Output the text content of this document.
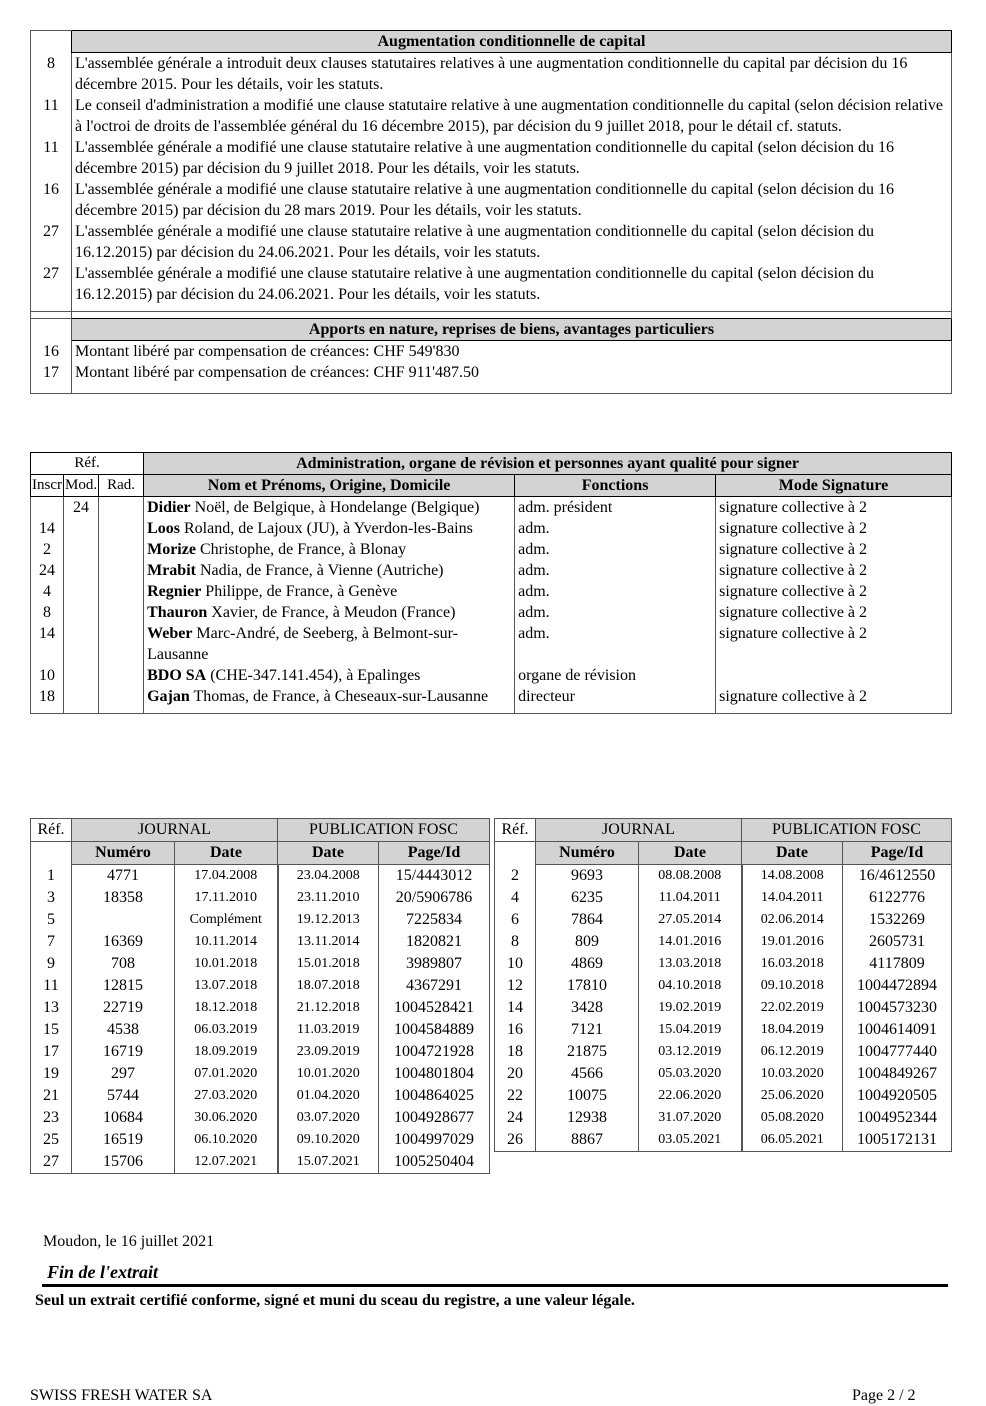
	Augmentation conditionnelle de capital
8	L'assemblée générale a introduit deux clauses statutaires relatives à une augmentation conditionnelle du capital par décision du 16 décembre 2015. Pour les détails, voir les statuts.
11	Le conseil d'administration a modifié une clause statutaire relative à une augmentation conditionnelle du capital (selon décision relative à l'octroi de droits de l'assemblée général du 16 décembre 2015), par décision du 9 juillet 2018, pour le détail cf. statuts.
11	L'assemblée générale a modifié une clause statutaire relative à une augmentation conditionnelle du capital (selon décision du 16 décembre 2015) par décision du 9 juillet 2018. Pour les détails, voir les statuts.
16	L'assemblée générale a modifié une clause statutaire relative à une augmentation conditionnelle du capital (selon décision du 16 décembre 2015) par décision du 28 mars 2019. Pour les détails, voir les statuts.
27	L'assemblée générale a modifié une clause statutaire relative à une augmentation conditionnelle du capital (selon décision du 16.12.2015) par décision du 24.06.2021. Pour les détails, voir les statuts.
27	L'assemblée générale a modifié une clause statutaire relative à une augmentation conditionnelle du capital (selon décision du 16.12.2015) par décision du 24.06.2021. Pour les détails, voir les statuts.

	Apports en nature, reprises de biens, avantages particuliers
16	Montant libéré par compensation de créances: CHF 549'830
17	Montant libéré par compensation de créances: CHF 911'487.50

Réf.			Administration, organe de révision et personnes ayant qualité pour signer		
Inscr	Mod.	Rad.	Nom et Prénoms, Origine, Domicile	Fonctions	Mode Signature
	24		Didier Noël, de Belgique, à Hondelange (Belgique)	adm. président	signature collective à 2
14			Loos Roland, de Lajoux (JU), à Yverdon-les-Bains	adm.	signature collective à 2
2			Morize Christophe, de France, à Blonay	adm.	signature collective à 2
24			Mrabit Nadia, de France, à Vienne (Autriche)	adm.	signature collective à 2
4			Regnier Philippe, de France, à Genève	adm.	signature collective à 2
8			Thauron Xavier, de France, à Meudon (France)	adm.	signature collective à 2
14			Weber Marc-André, de Seeberg, à Belmont-sur-Lausanne	adm.	signature collective à 2
10			BDO SA (CHE-347.141.454), à Epalinges	organe de révision	
18			Gajan Thomas, de France, à Cheseaux-sur-Lausanne	directeur	signature collective à 2

Réf.	JOURNAL		PUBLICATION FOSC	
	Numéro	Date	Date	Page/Id
1	4771	17.04.2008	23.04.2008	15/4443012
3	18358	17.11.2010	23.11.2010	20/5906786
5		Complément	19.12.2013	7225834
7	16369	10.11.2014	13.11.2014	1820821
9	708	10.01.2018	15.01.2018	3989807
11	12815	13.07.2018	18.07.2018	4367291
13	22719	18.12.2018	21.12.2018	1004528421
15	4538	06.03.2019	11.03.2019	1004584889
17	16719	18.09.2019	23.09.2019	1004721928
19	297	07.01.2020	10.01.2020	1004801804
21	5744	27.03.2020	01.04.2020	1004864025
23	10684	30.06.2020	03.07.2020	1004928677
25	16519	06.10.2020	09.10.2020	1004997029
27	15706	12.07.2021	15.07.2021	1005250404
Réf.	JOURNAL		PUBLICATION FOSC	
	Numéro	Date	Date	Page/Id
2	9693	08.08.2008	14.08.2008	16/4612550
4	6235	11.04.2011	14.04.2011	6122776
6	7864	27.05.2014	02.06.2014	1532269
8	809	14.01.2016	19.01.2016	2605731
10	4869	13.03.2018	16.03.2018	4117809
12	17810	04.10.2018	09.10.2018	1004472894
14	3428	19.02.2019	22.02.2019	1004573230
16	7121	15.04.2019	18.04.2019	1004614091
18	21875	03.12.2019	06.12.2019	1004777440
20	4566	05.03.2020	10.03.2020	1004849267
22	10075	22.06.2020	25.06.2020	1004920505
24	12938	31.07.2020	05.08.2020	1004952344
26	8867	03.05.2021	06.05.2021	1005172131
Moudon, le 16 juillet 2021
Fin de l'extrait
Seul un extrait certifié conforme, signé et muni du sceau du registre, a une valeur légale.
SWISS FRESH WATER SA	Page 2 / 2
